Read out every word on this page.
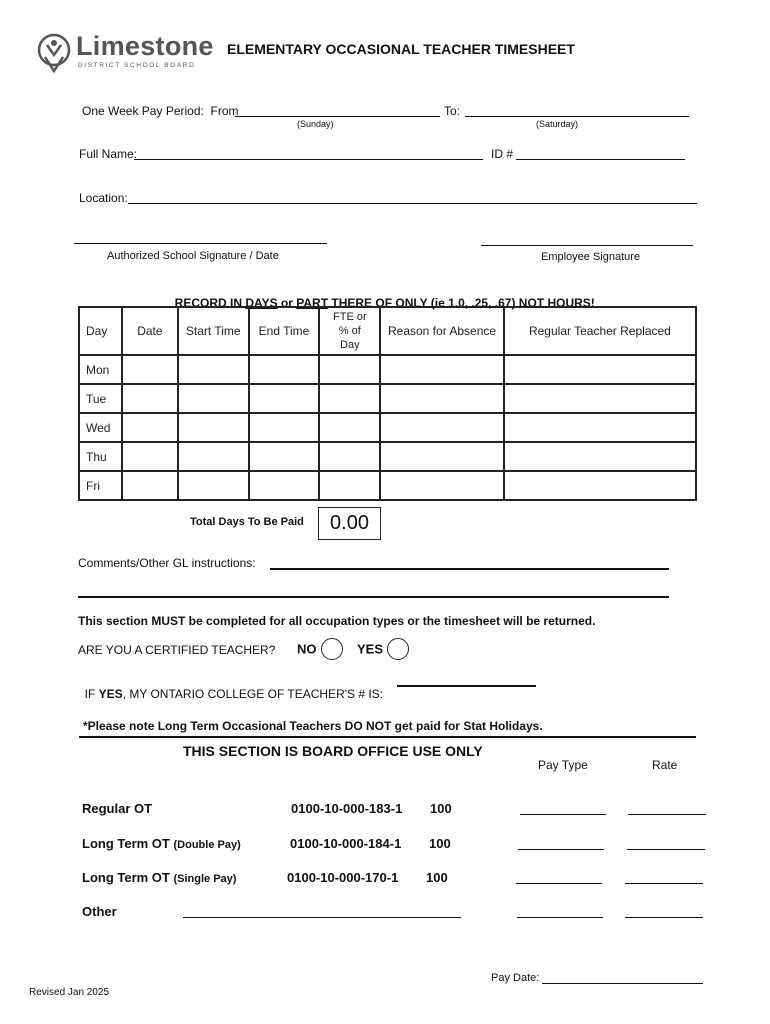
Limestone
DISTRICT SCHOOL BOARD
ELEMENTARY OCCASIONAL TEACHER TIMESHEET
One Week Pay Period:  From	To:
(Sunday)	(Saturday)
Full Name:	ID #
Location:
Authorized School Signature / Date	Employee Signature

RECORD IN DAYS or PART THERE OF ONLY (ie 1.0, .25, .67) NOT HOURS!

Day	Date	Start Time	End Time	FTE or % of Day	Reason for Absence	Regular Teacher Replaced
Mon						
Tue						
Wed						
Thu						
Fri						
Total Days To Be Paid	0.00
Comments/Other GL instructions:
This section MUST be completed for all occupation types or the timesheet will be returned.
ARE YOU A CERTIFIED TEACHER? NO	YES

IF YES, MY ONTARIO COLLEGE OF TEACHER'S # IS:

*Please note Long Term Occasional Teachers DO NOT get paid for Stat Holidays.
THIS SECTION IS BOARD OFFICE USE ONLY
Pay Type	Rate
Regular OT	0100-10-000-183-1 100
Long Term OT (Double Pay)	0100-10-000-184-1 100
Long Term OT (Single Pay)	0100-10-000-170-1 100
Other
Pay Date:
Revised Jan 2025
